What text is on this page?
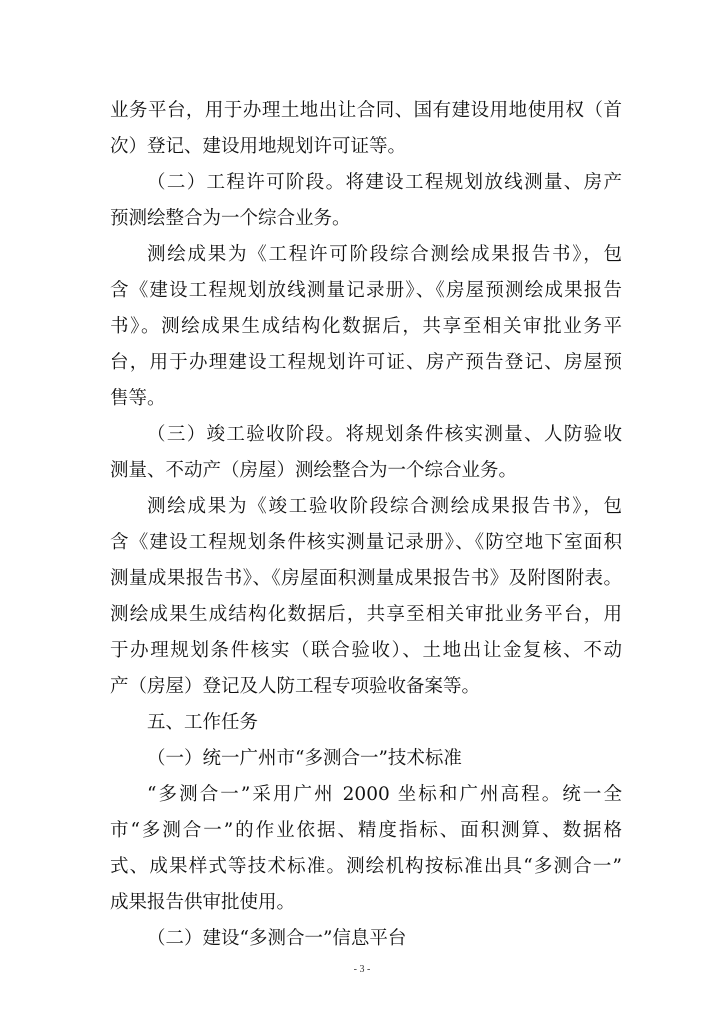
业务平台，用于办理土地出让合同、国有建设用地使用权（首
次）登记、建设用地规划许可证等。
（二）工程许可阶段。将建设工程规划放线测量、房产
预测绘整合为一个综合业务。
测绘成果为《工程许可阶段综合测绘成果报告书》，包
含《建设工程规划放线测量记录册》、《房屋预测绘成果报告
书》。测绘成果生成结构化数据后，共享至相关审批业务平
台，用于办理建设工程规划许可证、房产预告登记、房屋预
售等。
（三）竣工验收阶段。将规划条件核实测量、人防验收
测量、不动产（房屋）测绘整合为一个综合业务。
测绘成果为《竣工验收阶段综合测绘成果报告书》，包
含《建设工程规划条件核实测量记录册》、《防空地下室面积
测量成果报告书》、《房屋面积测量成果报告书》及附图附表。
测绘成果生成结构化数据后，共享至相关审批业务平台，用
于办理规划条件核实（联合验收）、土地出让金复核、不动
产（房屋）登记及人防工程专项验收备案等。
五、工作任务
（一）统一广州市“多测合一”技术标准
“多测合一”采用广州 2000 坐标和广州高程。统一全
市“多测合一”的作业依据、精度指标、面积测算、数据格
式、成果样式等技术标准。测绘机构按标准出具“多测合一”
成果报告供审批使用。
（二）建设“多测合一”信息平台
- 3 -
